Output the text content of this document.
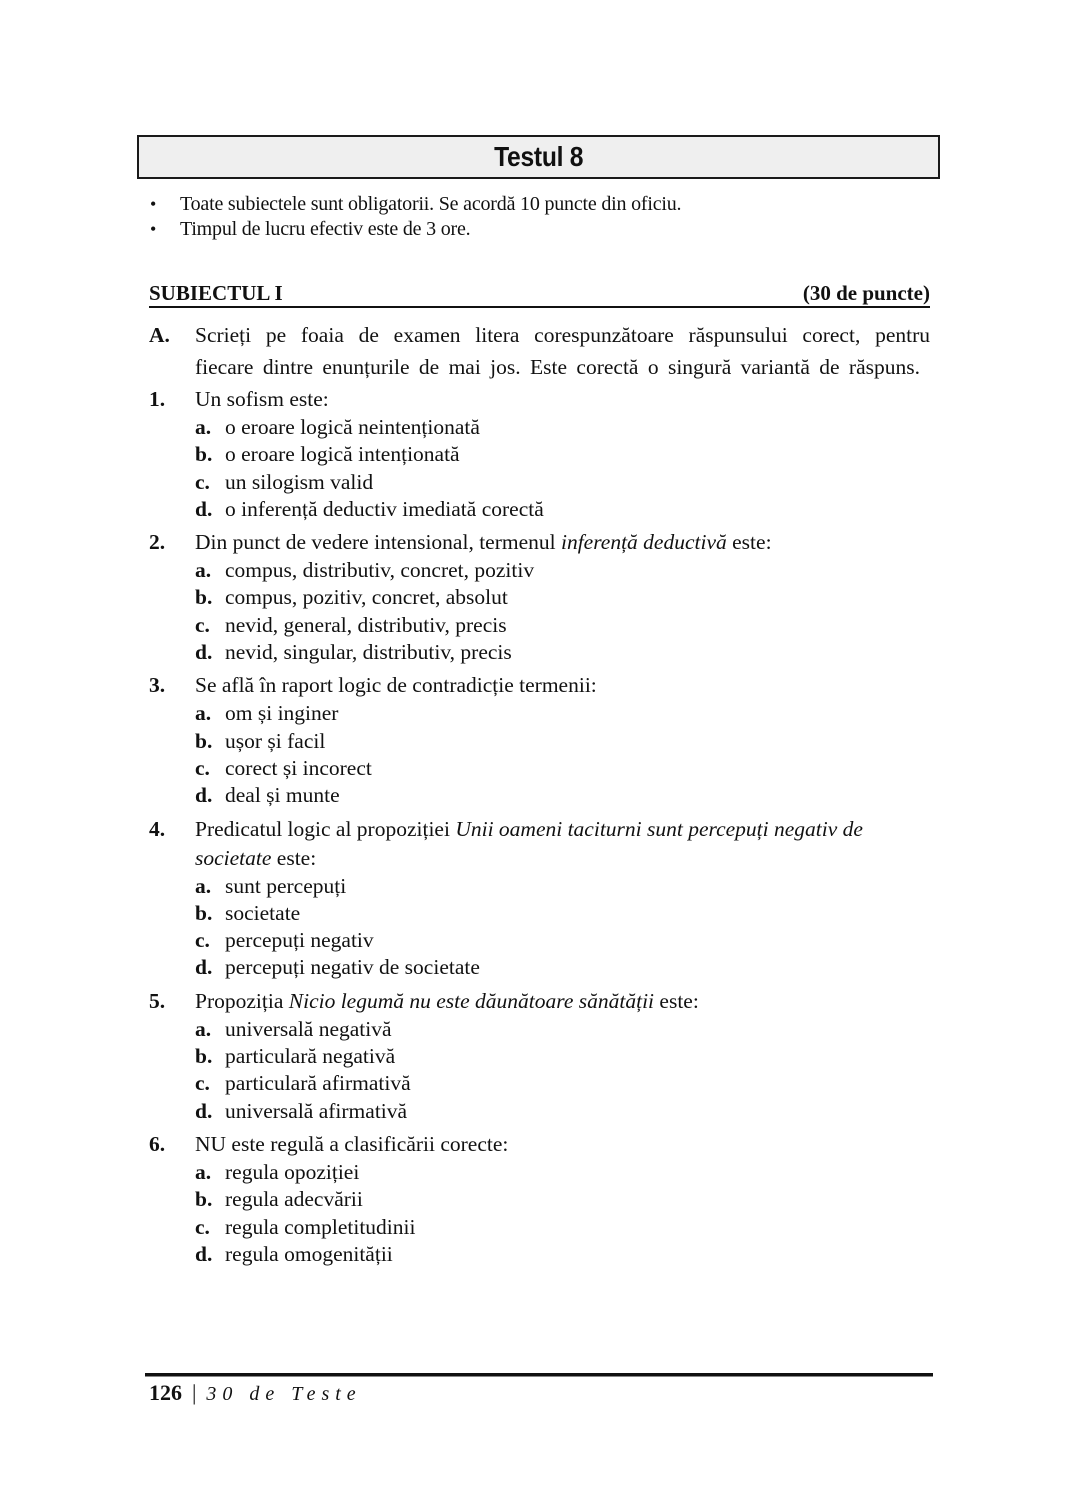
Testul 8
• Toate subiectele sunt obligatorii. Se acordă 10 puncte din oficiu.
• Timpul de lucru efectiv este de 3 ore.
SUBIECTUL I	(30 de puncte)
A.	Scrieți pe foaia de examen litera corespunzătoare răspunsului corect, pentru fiecare dintre enunțurile de mai jos. Este corectă o singură variantă de răspuns.
1.	Un sofism este:
a. o eroare logică neintenționată
b. o eroare logică intenționată
c. un silogism valid
d. o inferență deductiv imediată corectă
2.	Din punct de vedere intensional, termenul inferență deductivă este:
a. compus, distributiv, concret, pozitiv
b. compus, pozitiv, concret, absolut
c. nevid, general, distributiv, precis
d. nevid, singular, distributiv, precis
3.	Se află în raport logic de contradicție termenii:
a. om și inginer
b. ușor și facil
c. corect și incorect
d. deal și munte
4.	Predicatul logic al propoziției Unii oameni taciturni sunt percepuți negativ de societate este:
a. sunt percepuți
b. societate
c. percepuți negativ
d. percepuți negativ de societate
5.	Propoziția Nicio legumă nu este dăunătoare sănătății este:
a. universală negativă
b. particulară negativă
c. particulară afirmativă
d. universală afirmativă
6.	NU este regulă a clasificării corecte:
a. regula opoziției
b. regula adecvării
c. regula completitudinii
d. regula omogenității
126 | 30 de Teste
